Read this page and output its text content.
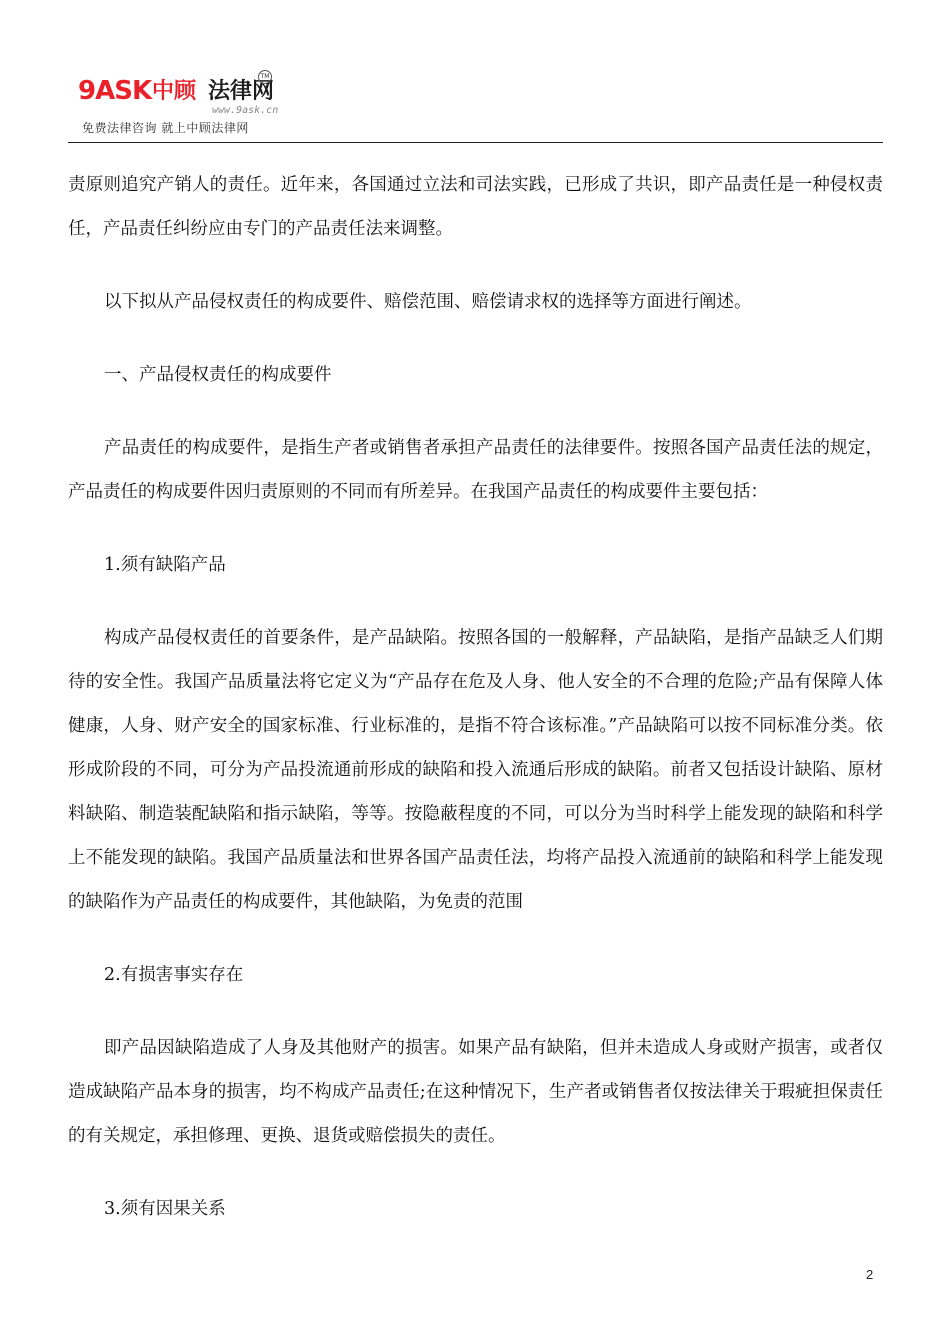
9ASK 中顾 法律网
TM
www.9ask.cn
免费法律咨询 就上中顾法律网

责原则追究产销人的责任。近年来，各国通过立法和司法实践，已形成了共识，即产品责任是一种侵权责任，产品责任纠纷应由专门的产品责任法来调整。

以下拟从产品侵权责任的构成要件、赔偿范围、赔偿请求权的选择等方面进行阐述。

一、产品侵权责任的构成要件

产品责任的构成要件，是指生产者或销售者承担产品责任的法律要件。按照各国产品责任法的规定，产品责任的构成要件因归责原则的不同而有所差异。在我国产品责任的构成要件主要包括：

1.须有缺陷产品

构成产品侵权责任的首要条件，是产品缺陷。按照各国的一般解释，产品缺陷，是指产品缺乏人们期待的安全性。我国产品质量法将它定义为“产品存在危及人身、他人安全的不合理的危险;产品有保障人体健康，人身、财产安全的国家标准、行业标准的，是指不符合该标准。”产品缺陷可以按不同标准分类。依形成阶段的不同，可分为产品投流通前形成的缺陷和投入流通后形成的缺陷。前者又包括设计缺陷、原材料缺陷、制造装配缺陷和指示缺陷，等等。按隐蔽程度的不同，可以分为当时科学上能发现的缺陷和科学上不能发现的缺陷。我国产品质量法和世界各国产品责任法，均将产品投入流通前的缺陷和科学上能发现的缺陷作为产品责任的构成要件，其他缺陷，为免责的范围

2.有损害事实存在

即产品因缺陷造成了人身及其他财产的损害。如果产品有缺陷，但并未造成人身或财产损害，或者仅造成缺陷产品本身的损害，均不构成产品责任;在这种情况下，生产者或销售者仅按法律关于瑕疵担保责任的有关规定，承担修理、更换、退货或赔偿损失的责任。

3.须有因果关系

2
